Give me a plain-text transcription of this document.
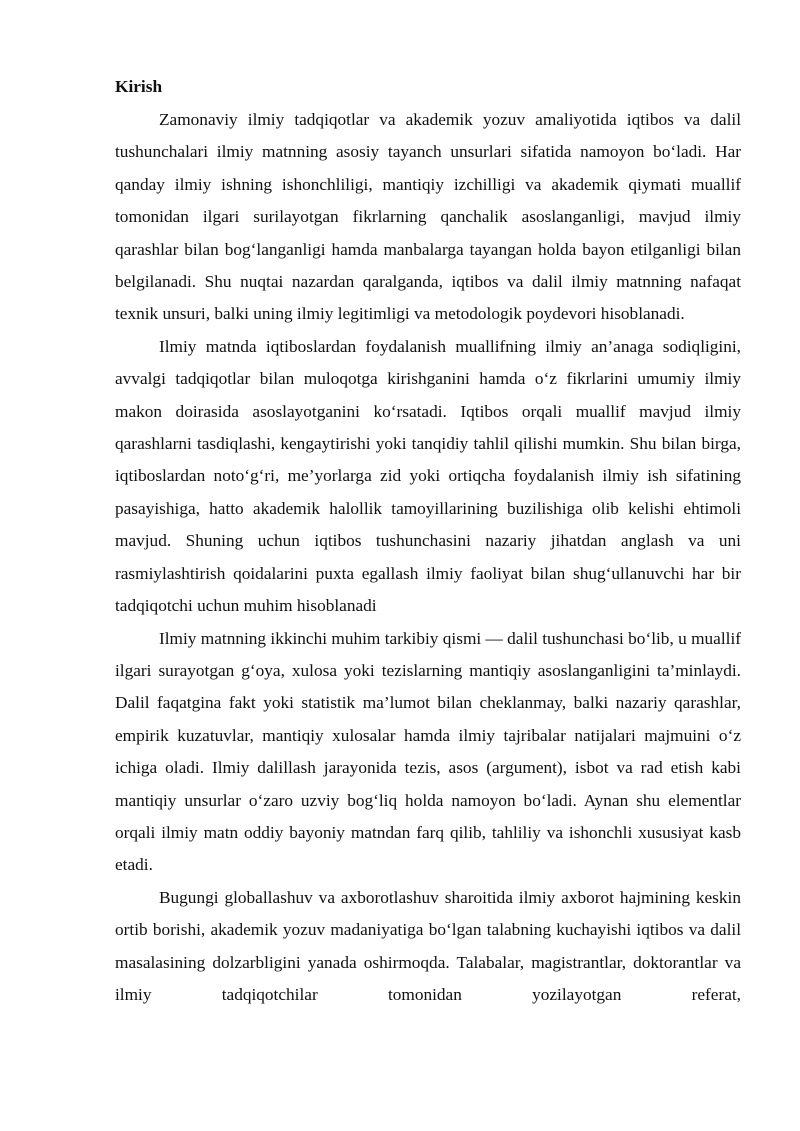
Kirish

Zamonaviy ilmiy tadqiqotlar va akademik yozuv amaliyotida iqtibos va dalil tushunchalari ilmiy matnning asosiy tayanch unsurlari sifatida namoyon boʻladi. Har qanday ilmiy ishning ishonchliligi, mantiqiy izchilligi va akademik qiymati muallif tomonidan ilgari surilayotgan fikrlarning qanchalik asoslanganligi, mavjud ilmiy qarashlar bilan bogʻlanganligi hamda manbalarga tayangan holda bayon etilganligi bilan belgilanadi. Shu nuqtai nazardan qaralganda, iqtibos va dalil ilmiy matnning nafaqat texnik unsuri, balki uning ilmiy legitimligi va metodologik poydevori hisoblanadi.

Ilmiy matnda iqtiboslardan foydalanish muallifning ilmiy an’anaga sodiqligini, avvalgi tadqiqotlar bilan muloqotga kirishganini hamda oʻz fikrlarini umumiy ilmiy makon doirasida asoslayotganini koʻrsatadi. Iqtibos orqali muallif mavjud ilmiy qarashlarni tasdiqlashi, kengaytirishi yoki tanqidiy tahlil qilishi mumkin. Shu bilan birga, iqtiboslardan notoʻgʻri, me’yorlarga zid yoki ortiqcha foydalanish ilmiy ish sifatining pasayishiga, hatto akademik halollik tamoyillarining buzilishiga olib kelishi ehtimoli mavjud. Shuning uchun iqtibos tushunchasini nazariy jihatdan anglash va uni rasmiylashtirish qoidalarini puxta egallash ilmiy faoliyat bilan shugʻullanuvchi har bir tadqiqotchi uchun muhim hisoblanadi

Ilmiy matnning ikkinchi muhim tarkibiy qismi — dalil tushunchasi boʻlib, u muallif ilgari surayotgan gʻoya, xulosa yoki tezislarning mantiqiy asoslanganligini ta’minlaydi. Dalil faqatgina fakt yoki statistik ma’lumot bilan cheklanmay, balki nazariy qarashlar, empirik kuzatuvlar, mantiqiy xulosalar hamda ilmiy tajribalar natijalari majmuini oʻz ichiga oladi. Ilmiy dalillash jarayonida tezis, asos (argument), isbot va rad etish kabi mantiqiy unsurlar oʻzaro uzviy bogʻliq holda namoyon boʻladi. Aynan shu elementlar orqali ilmiy matn oddiy bayoniy matndan farq qilib, tahliliy va ishonchli xususiyat kasb etadi.

Bugungi globallashuv va axborotlashuv sharoitida ilmiy axborot hajmining keskin ortib borishi, akademik yozuv madaniyatiga boʻlgan talabning kuchayishi iqtibos va dalil masalasining dolzarbligini yanada oshirmoqda. Talabalar, magistrantlar, doktorantlar va ilmiy tadqiqotchilar tomonidan yozilayotgan referat,
